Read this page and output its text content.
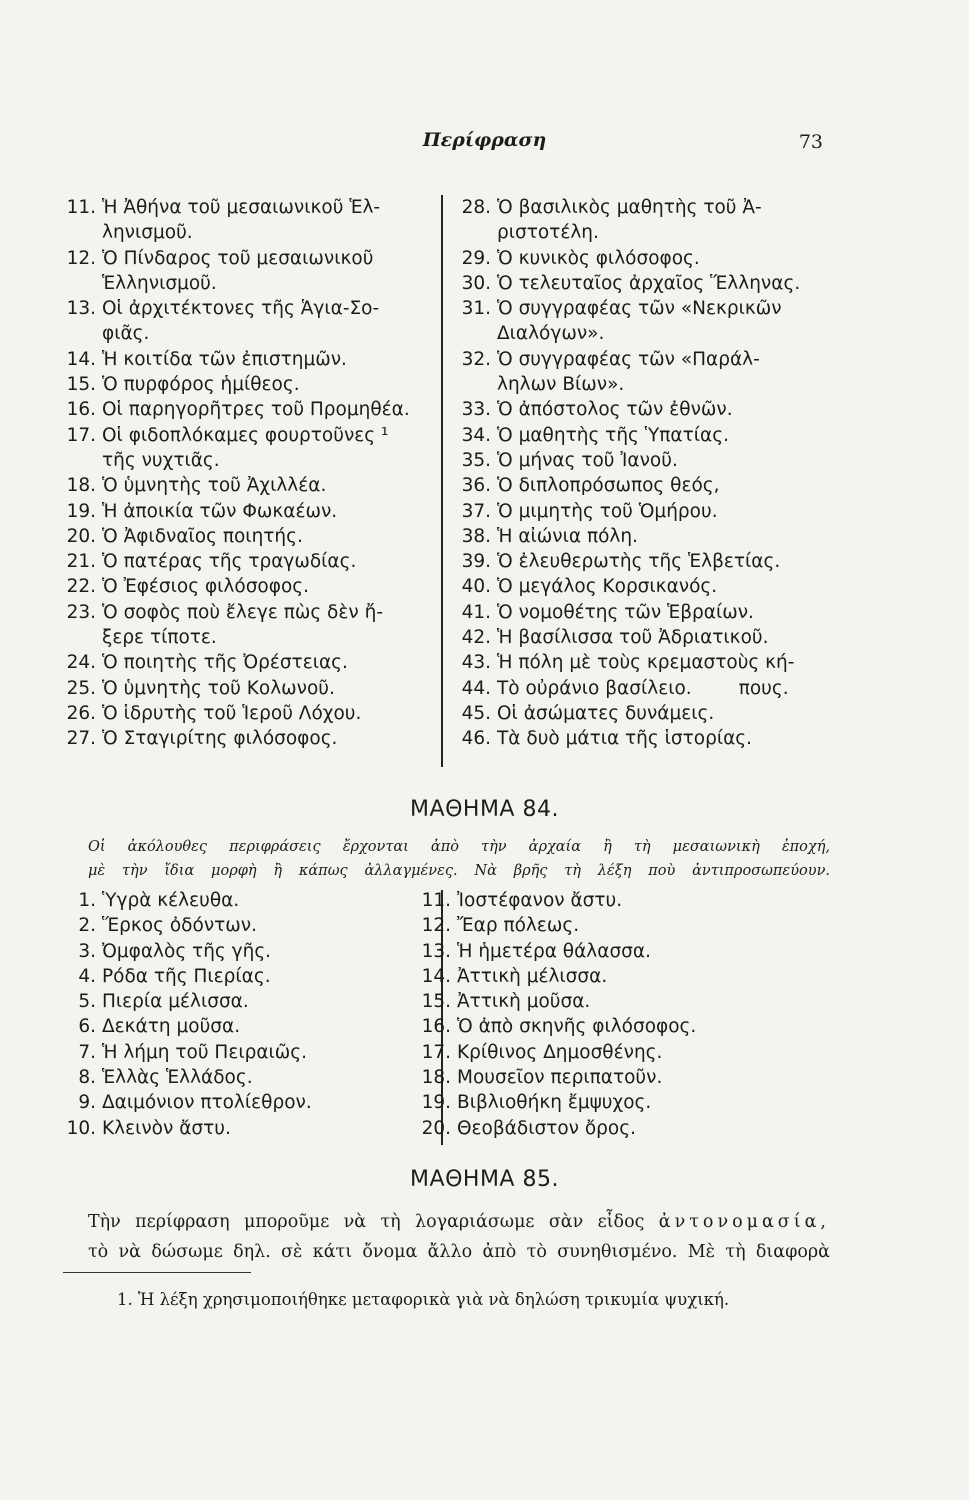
Περίφραση	73
11. Ἡ Ἀθήνα τοῦ μεσαιωνικοῦ Ἑλ-
ληνισμοῦ.
12. Ὁ Πίνδαρος τοῦ μεσαιωνικοῦ
Ἑλληνισμοῦ.
13. Οἱ ἀρχιτέκτονες τῆς Ἁγια-Σο-
φιᾶς.
14. Ἡ κοιτίδα τῶν ἐπιστημῶν.
15. Ὁ πυρφόρος ἡμίθεος.
16. Οἱ παρηγορῆτρες τοῦ Προμηθέα.
17. Οἱ φιδοπλόκαμες φουρτοῦνες ¹
τῆς νυχτιᾶς.
18. Ὁ ὑμνητὴς τοῦ Ἀχιλλέα.
19. Ἡ ἀποικία τῶν Φωκαέων.
20. Ὁ Ἀφιδναῖος ποιητής.
21. Ὁ πατέρας τῆς τραγωδίας.
22. Ὁ Ἐφέσιος φιλόσοφος.
23. Ὁ σοφὸς ποὺ ἔλεγε πὼς δὲν ἤ-
ξερε τίποτε.
24. Ὁ ποιητὴς τῆς Ὀρέστειας.
25. Ὁ ὑμνητὴς τοῦ Κολωνοῦ.
26. Ὁ ἱδρυτὴς τοῦ Ἱεροῦ Λόχου.
27. Ὁ Σταγιρίτης φιλόσοφος.
28. Ὁ βασιλικὸς μαθητὴς τοῦ Ἀ-
ριστοτέλη.
29. Ὁ κυνικὸς φιλόσοφος.
30. Ὁ τελευταῖος ἀρχαῖος Ἕλληνας.
31. Ὁ συγγραφέας τῶν «Νεκρικῶν
Διαλόγων».
32. Ὁ συγγραφέας τῶν «Παράλ-
ληλων Βίων».
33. Ὁ ἀπόστολος τῶν ἐθνῶν.
34. Ὁ μαθητὴς τῆς Ὑπατίας.
35. Ὁ μήνας τοῦ Ἰανοῦ.
36. Ὁ διπλοπρόσωπος θεός,
37. Ὁ μιμητὴς τοῦ Ὁμήρου.
38. Ἡ αἰώνια πόλη.
39. Ὁ ἐλευθερωτὴς τῆς Ἑλβετίας.
40. Ὁ μεγάλος Κορσικανός.
41. Ὁ νομοθέτης τῶν Ἑβραίων.
42. Ἡ βασίλισσα τοῦ Ἀδριατικοῦ.
43. Ἡ πόλη μὲ τοὺς κρεμαστοὺς κή-
44. Τὸ οὐράνιο βασίλειο.        πους.
45. Οἱ ἀσώματες δυνάμεις.
46. Τὰ δυὸ μάτια τῆς ἱστορίας.
ΜΑΘΗΜΑ 84.
Οἱ ἀκόλουθες περιφράσεις ἔρχονται ἀπὸ τὴν ἀρχαία ἢ τὴ μεσαιωνικὴ ἐποχή,
μὲ τὴν ἴδια μορφὴ ἢ κάπως ἀλλαγμένες. Νὰ βρῆς τὴ λέξη ποὺ ἀντιπροσωπεύουν.
1. Ὑγρὰ κέλευθα.
2. Ἕρκος ὀδόντων.
3. Ὀμφαλὸς τῆς γῆς.
4. Ρόδα τῆς Πιερίας.
5. Πιερία μέλισσα.
6. Δεκάτη μοῦσα.
7. Ἡ λήμη τοῦ Πειραιῶς.
8. Ἑλλὰς Ἑλλάδος.
9. Δαιμόνιον πτολίεθρον.
10. Κλεινὸν ἄστυ.
11. Ἰοστέφανον ἄστυ.
12. Ἔαρ πόλεως.
13. Ἡ ἡμετέρα θάλασσα.
14. Ἀττικὴ μέλισσα.
15. Ἀττικὴ μοῦσα.
16. Ὁ ἀπὸ σκηνῆς φιλόσοφος.
17. Κρίθινος Δημοσθένης.
18. Μουσεῖον περιπατοῦν.
19. Βιβλιοθήκη ἔμψυχος.
20. Θεοβάδιστον ὄρος.
ΜΑΘΗΜΑ 85.
Τὴν περίφραση μποροῦμε νὰ τὴ λογαριάσωμε σὰν εἶδος ἀντονομασία,
τὸ νὰ δώσωμε δηλ. σὲ κάτι ὄνομα ἄλλο ἀπὸ τὸ συνηθισμένο. Μὲ τὴ διαφορὰ
1. Ἡ λέξη χρησιμοποιήθηκε μεταφορικὰ γιὰ νὰ δηλώση τρικυμία ψυχική.
